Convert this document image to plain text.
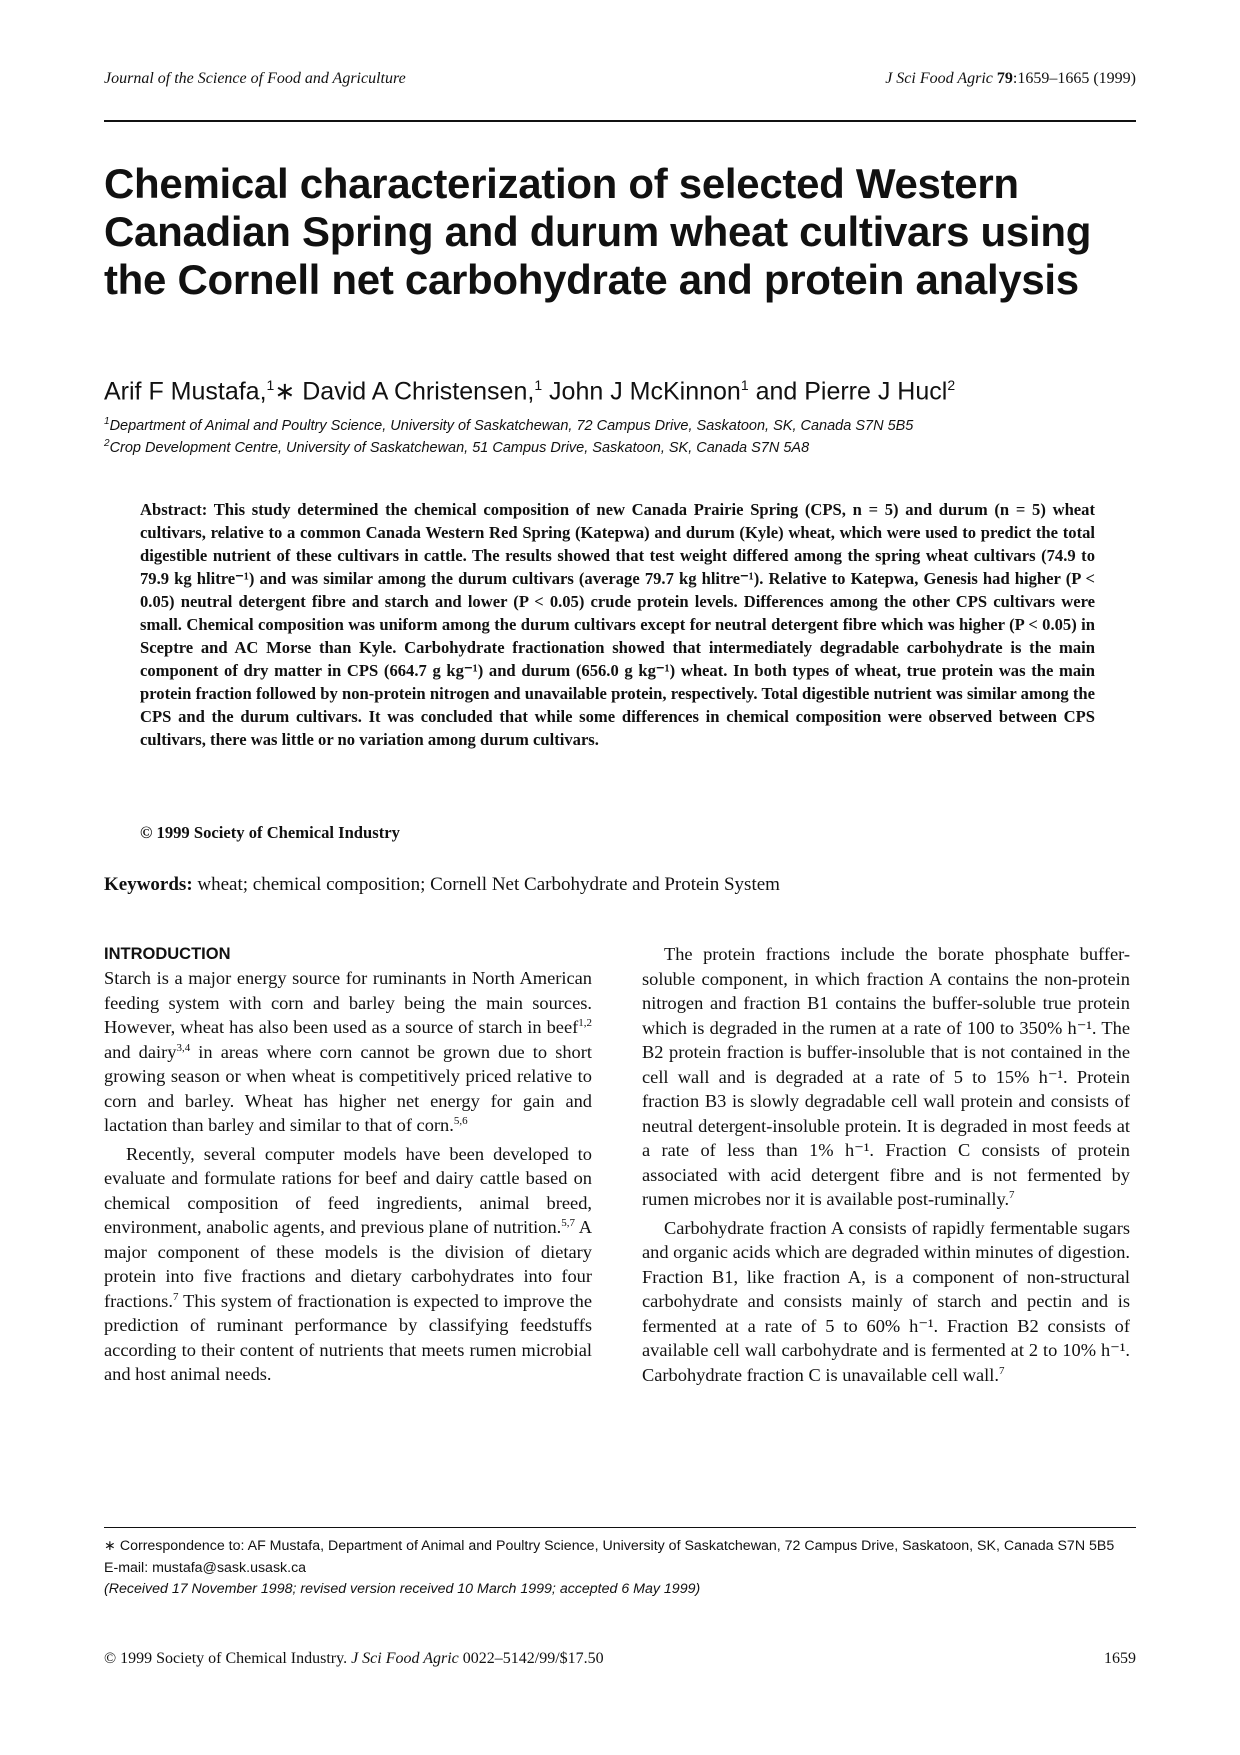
Journal of the Science of Food and Agriculture	J Sci Food Agric 79:1659–1665 (1999)
Chemical characterization of selected Western Canadian Spring and durum wheat cultivars using the Cornell net carbohydrate and protein analysis
Arif F Mustafa,$^1$∗ David A Christensen,$^1$ John J McKinnon$^1$ and Pierre J Hucl$^2$
$^1$Department of Animal and Poultry Science, University of Saskatchewan, 72 Campus Drive, Saskatoon, SK, Canada S7N 5B5
$^2$Crop Development Centre, University of Saskatchewan, 51 Campus Drive, Saskatoon, SK, Canada S7N 5A8

Abstract: This study determined the chemical composition of new Canada Prairie Spring (CPS, n = 5) and durum (n = 5) wheat cultivars, relative to a common Canada Western Red Spring (Katepwa) and durum (Kyle) wheat, which were used to predict the total digestible nutrient of these cultivars in cattle. The results showed that test weight differed among the spring wheat cultivars (74.9 to 79.9 kg hlitre⁻¹) and was similar among the durum cultivars (average 79.7 kg hlitre⁻¹). Relative to Katepwa, Genesis had higher (P < 0.05) neutral detergent fibre and starch and lower (P < 0.05) crude protein levels. Differences among the other CPS cultivars were small. Chemical composition was uniform among the durum cultivars except for neutral detergent fibre which was higher (P < 0.05) in Sceptre and AC Morse than Kyle. Carbohydrate fractionation showed that intermediately degradable carbohydrate is the main component of dry matter in CPS (664.7 g kg⁻¹) and durum (656.0 g kg⁻¹) wheat. In both types of wheat, true protein was the main protein fraction followed by non-protein nitrogen and unavailable protein, respectively. Total digestible nutrient was similar among the CPS and the durum cultivars. It was concluded that while some differences in chemical composition were observed between CPS cultivars, there was little or no variation among durum cultivars.

© 1999 Society of Chemical Industry
Keywords: wheat; chemical composition; Cornell Net Carbohydrate and Protein System

INTRODUCTION

Starch is a major energy source for ruminants in North American feeding system with corn and barley being the main sources. However, wheat has also been used as a source of starch in beef$^{1,2}$ and dairy$^{3,4}$ in areas where corn cannot be grown due to short growing season or when wheat is competitively priced relative to corn and barley. Wheat has higher net energy for gain and lactation than barley and similar to that of corn.$^{5,6}$

Recently, several computer models have been developed to evaluate and formulate rations for beef and dairy cattle based on chemical composition of feed ingredients, animal breed, environment, anabolic agents, and previous plane of nutrition.$^{5,7}$ A major component of these models is the division of dietary protein into five fractions and dietary carbohydrates into four fractions.$^7$ This system of fractionation is expected to improve the prediction of ruminant performance by classifying feedstuffs according to their content of nutrients that meets rumen microbial and host animal needs.

The protein fractions include the borate phosphate buffer-soluble component, in which fraction A contains the non-protein nitrogen and fraction B1 contains the buffer-soluble true protein which is degraded in the rumen at a rate of 100 to 350% h⁻¹. The B2 protein fraction is buffer-insoluble that is not contained in the cell wall and is degraded at a rate of 5 to 15% h⁻¹. Protein fraction B3 is slowly degradable cell wall protein and consists of neutral detergent-insoluble protein. It is degraded in most feeds at a rate of less than 1% h⁻¹. Fraction C consists of protein associated with acid detergent fibre and is not fermented by rumen microbes nor it is available post-ruminally.$^7$

Carbohydrate fraction A consists of rapidly fermentable sugars and organic acids which are degraded within minutes of digestion. Fraction B1, like fraction A, is a component of non-structural carbohydrate and consists mainly of starch and pectin and is fermented at a rate of 5 to 60% h⁻¹. Fraction B2 consists of available cell wall carbohydrate and is fermented at 2 to 10% h⁻¹. Carbohydrate fraction C is unavailable cell wall.$^7$

∗ Correspondence to: AF Mustafa, Department of Animal and Poultry Science, University of Saskatchewan, 72 Campus Drive, Saskatoon, SK, Canada S7N 5B5

E-mail: mustafa@sask.usask.ca

(Received 17 November 1998; revised version received 10 March 1999; accepted 6 May 1999)

© 1999 Society of Chemical Industry. J Sci Food Agric 0022–5142/99/$17.50	1659
